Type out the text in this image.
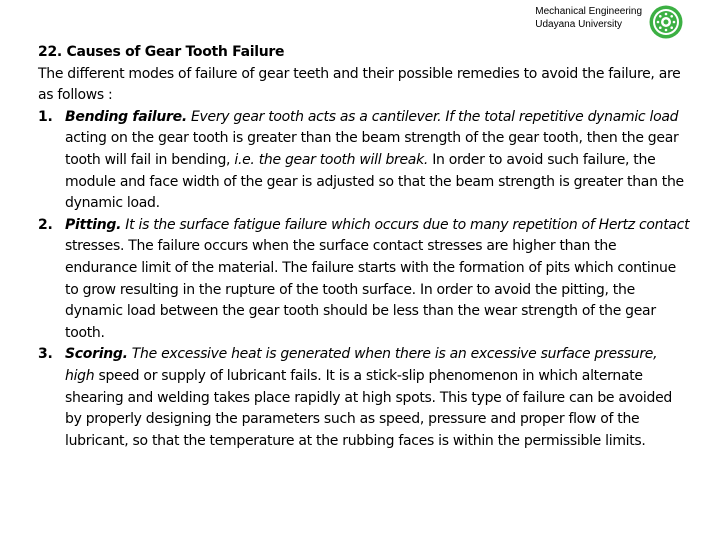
Mechanical Engineering
Udayana University

22. Causes of Gear Tooth Failure

The different modes of failure of gear teeth and their possible remedies to avoid the failure, are as follows :

1. Bending failure. Every gear tooth acts as a cantilever. If the total repetitive dynamic load acting on the gear tooth is greater than the beam strength of the gear tooth, then the gear tooth will fail in bending, i.e. the gear tooth will break. In order to avoid such failure, the module and face width of the gear is adjusted so that the beam strength is greater than the dynamic load.
2. Pitting. It is the surface fatigue failure which occurs due to many repetition of Hertz contact stresses. The failure occurs when the surface contact stresses are higher than the endurance limit of the material. The failure starts with the formation of pits which continue to grow resulting in the rupture of the tooth surface. In order to avoid the pitting, the dynamic load between the gear tooth should be less than the wear strength of the gear tooth.
3. Scoring. The excessive heat is generated when there is an excessive surface pressure, high speed or supply of lubricant fails. It is a stick-slip phenomenon in which alternate shearing and welding takes place rapidly at high spots. This type of failure can be avoided by properly designing the parameters such as speed, pressure and proper flow of the lubricant, so that the temperature at the rubbing faces is within the permissible limits.
